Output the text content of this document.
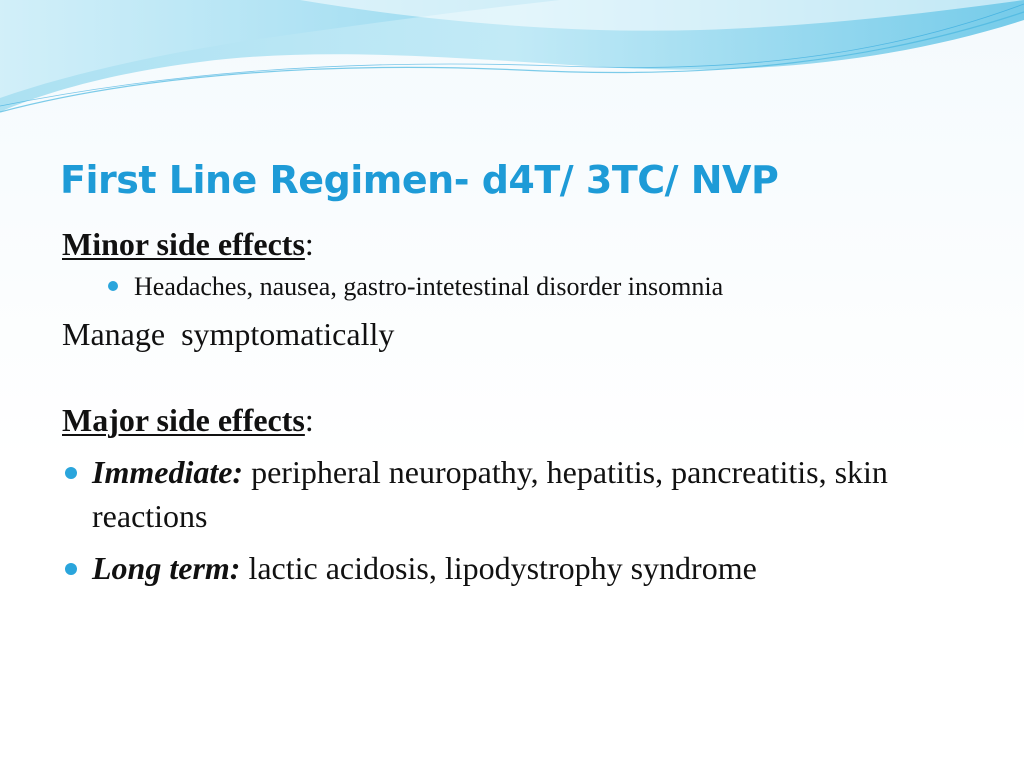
First Line Regimen- d4T/ 3TC/ NVP

Minor side effects:

Headaches, nausea, gastro-intetestinal disorder insomnia

Manage  symptomatically

Major side effects:

Immediate: peripheral neuropathy, hepatitis, pancreatitis, skin reactions
Long term: lactic acidosis, lipodystrophy syndrome
